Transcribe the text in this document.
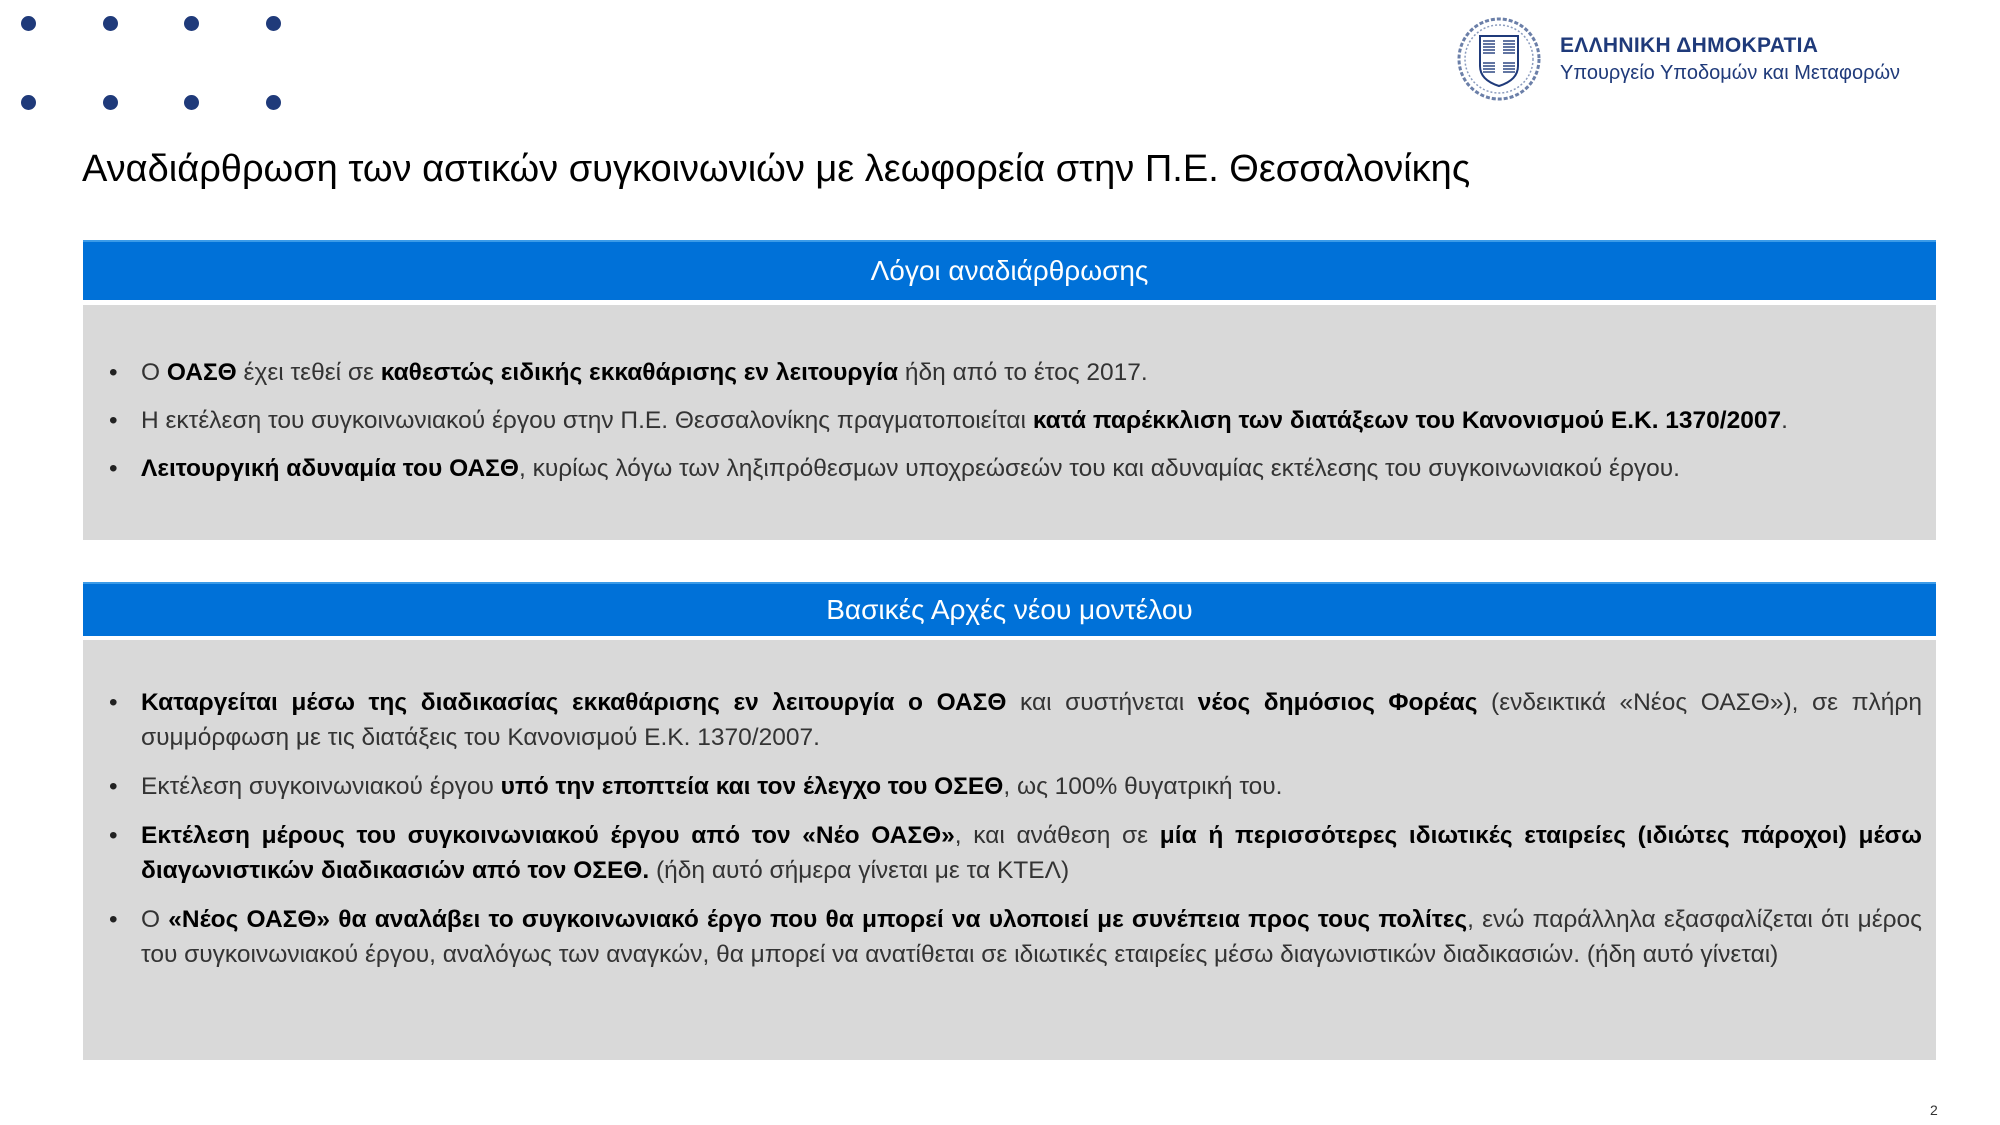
ΕΛΛΗΝΙΚΗ ΔΗΜΟΚΡΑΤΙΑ
Υπουργείο Υποδομών και Μεταφορών
Αναδιάρθρωση των αστικών συγκοινωνιών με λεωφορεία στην Π.Ε. Θεσσαλονίκης
Λόγοι αναδιάρθρωσης
• Ο ΟΑΣΘ έχει τεθεί σε καθεστώς ειδικής εκκαθάρισης εν λειτουργία ήδη από το έτος 2017.
• Η εκτέλεση του συγκοινωνιακού έργου στην Π.Ε. Θεσσαλονίκης πραγματοποιείται κατά παρέκκλιση των διατάξεων του Κανονισμού Ε.Κ. 1370/2007.
• Λειτουργική αδυναμία του ΟΑΣΘ, κυρίως λόγω των ληξιπρόθεσμων υποχρεώσεών του και αδυναμίας εκτέλεσης του συγκοινωνιακού έργου.
Βασικές Αρχές νέου μοντέλου
• Καταργείται μέσω της διαδικασίας εκκαθάρισης εν λειτουργία ο ΟΑΣΘ και συστήνεται νέος δημόσιος Φορέας (ενδεικτικά «Νέος ΟΑΣΘ»), σε πλήρη συμμόρφωση με τις διατάξεις του Κανονισμού Ε.Κ. 1370/2007.
• Εκτέλεση συγκοινωνιακού έργου υπό την εποπτεία και τον έλεγχο του ΟΣΕΘ, ως 100% θυγατρική του.
• Εκτέλεση μέρους του συγκοινωνιακού έργου από τον «Νέο ΟΑΣΘ», και ανάθεση σε μία ή περισσότερες ιδιωτικές εταιρείες (ιδιώτες πάροχοι) μέσω διαγωνιστικών διαδικασιών από τον ΟΣΕΘ. (ήδη αυτό σήμερα γίνεται με τα ΚΤΕΛ)
• Ο «Νέος ΟΑΣΘ» θα αναλάβει το συγκοινωνιακό έργο που θα μπορεί να υλοποιεί με συνέπεια προς τους πολίτες, ενώ παράλληλα εξασφαλίζεται ότι μέρος του συγκοινωνιακού έργου, αναλόγως των αναγκών, θα μπορεί να ανατίθεται σε ιδιωτικές εταιρείες μέσω διαγωνιστικών διαδικασιών. (ήδη αυτό γίνεται)
2
